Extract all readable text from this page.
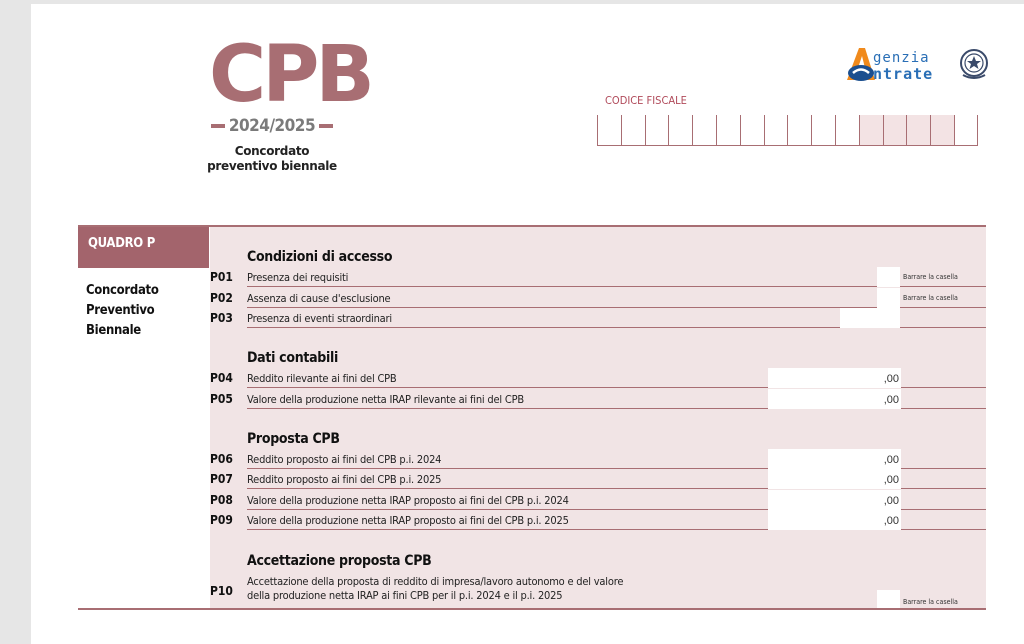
CPB
2024/2025
Concordato
preventivo biennale
genzia
ntrate
CODICE FISCALE
QUADRO P
Concordato
Preventivo
Biennale
Condizioni di accesso
P01 Presenza dei requisiti	Barrare la casella
P02 Assenza di cause d'esclusione	Barrare la casella
P03 Presenza di eventi straordinari
Dati contabili
P04 Reddito rilevante ai fini del CPB	,00
P05 Valore della produzione netta IRAP rilevante ai fini del CPB	,00
Proposta CPB
P06 Reddito proposto ai fini del CPB p.i. 2024	,00
P07 Reddito proposto ai fini del CPB p.i. 2025	,00
P08 Valore della produzione netta IRAP proposto ai fini del CPB p.i. 2024	,00
P09 Valore della produzione netta IRAP proposto ai fini del CPB p.i. 2025	,00
Accettazione proposta CPB
P10
Accettazione della proposta di reddito di impresa/lavoro autonomo e del valore
della produzione netta IRAP ai fini CPB per il p.i. 2024 e il p.i. 2025	Barrare la casella
